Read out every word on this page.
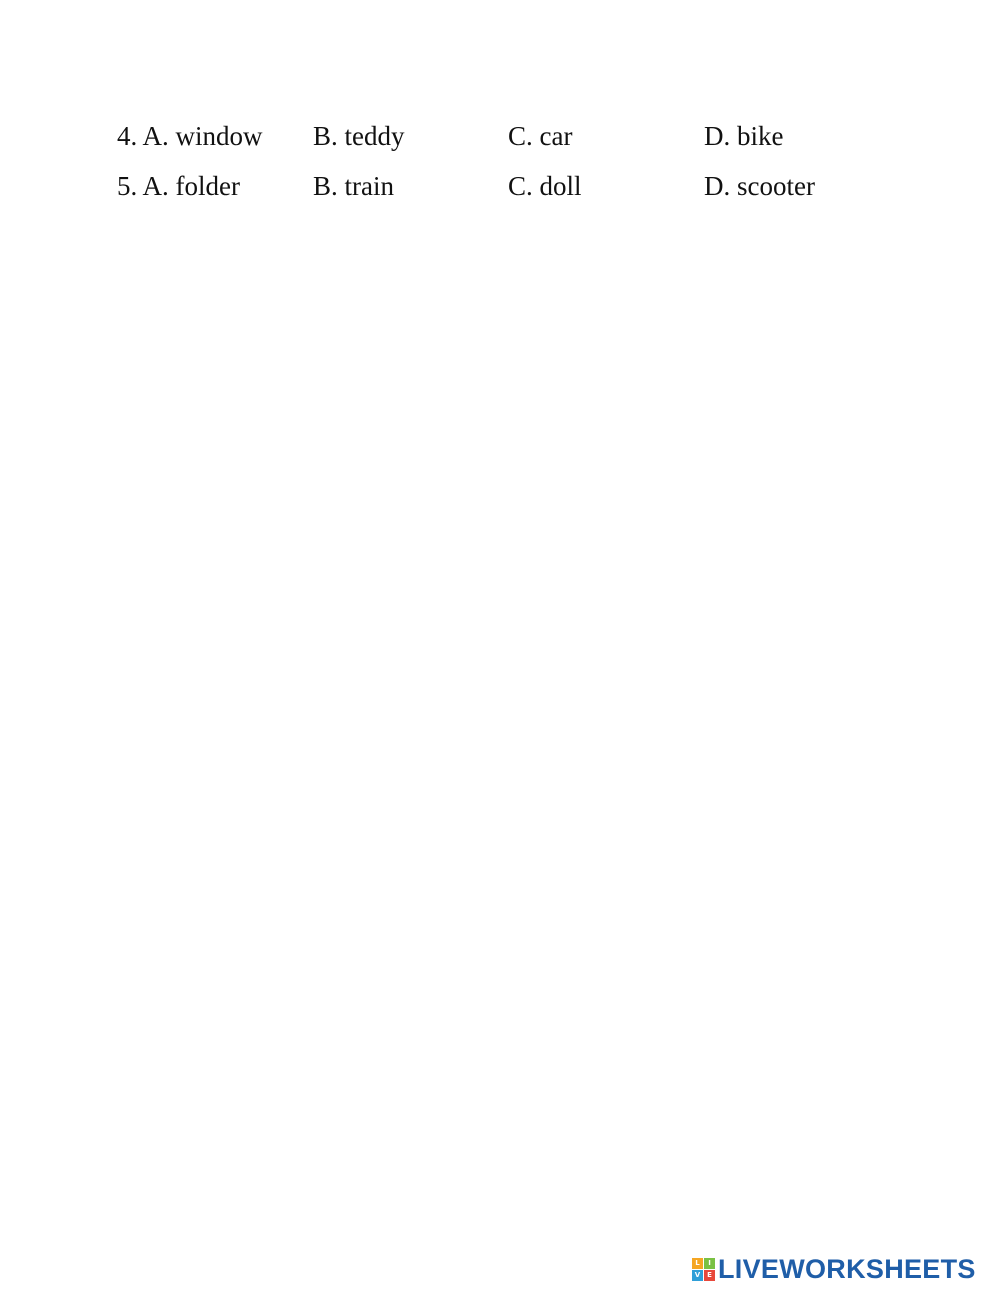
4. A. window	B. teddy	C. car	D. bike
5. A. folder	B. train	C. doll	D. scooter
L	I
V E LIVEWORKSHEETS
